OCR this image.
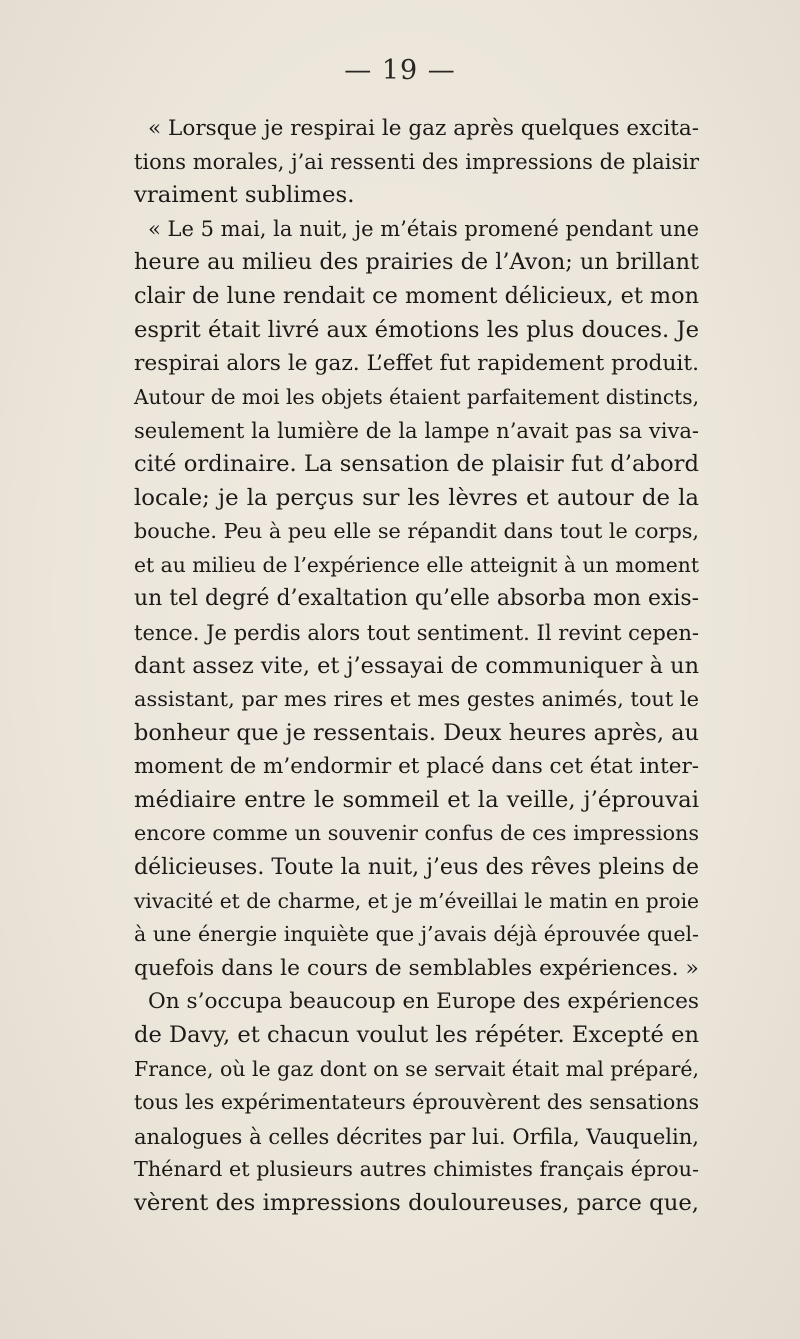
— 19 —
« Lorsque je respirai le gaz après quelques excita-
tions morales, j’ai ressenti des impressions de plaisir
vraiment sublimes.
« Le 5 mai, la nuit, je m’étais promené pendant une
heure au milieu des prairies de l’Avon; un brillant
clair de lune rendait ce moment délicieux, et mon
esprit était livré aux émotions les plus douces. Je
respirai alors le gaz. L’effet fut rapidement produit.
Autour de moi les objets étaient parfaitement distincts,
seulement la lumière de la lampe n’avait pas sa viva-
cité ordinaire. La sensation de plaisir fut d’abord
locale; je la perçus sur les lèvres et autour de la
bouche. Peu à peu elle se répandit dans tout le corps,
et au milieu de l’expérience elle atteignit à un moment
un tel degré d’exaltation qu’elle absorba mon exis-
tence. Je perdis alors tout sentiment. Il revint cepen-
dant assez vite, et j’essayai de communiquer à un
assistant, par mes rires et mes gestes animés, tout le
bonheur que je ressentais. Deux heures après, au
moment de m’endormir et placé dans cet état inter-
médiaire entre le sommeil et la veille, j’éprouvai
encore comme un souvenir confus de ces impressions
délicieuses. Toute la nuit, j’eus des rêves pleins de
vivacité et de charme, et je m’éveillai le matin en proie
à une énergie inquiète que j’avais déjà éprouvée quel-
quefois dans le cours de semblables expériences. »
On s’occupa beaucoup en Europe des expériences
de Davy, et chacun voulut les répéter. Excepté en
France, où le gaz dont on se servait était mal préparé,
tous les expérimentateurs éprouvèrent des sensations
analogues à celles décrites par lui. Orfila, Vauquelin,
Thénard et plusieurs autres chimistes français éprou-
vèrent des impressions douloureuses, parce que,
